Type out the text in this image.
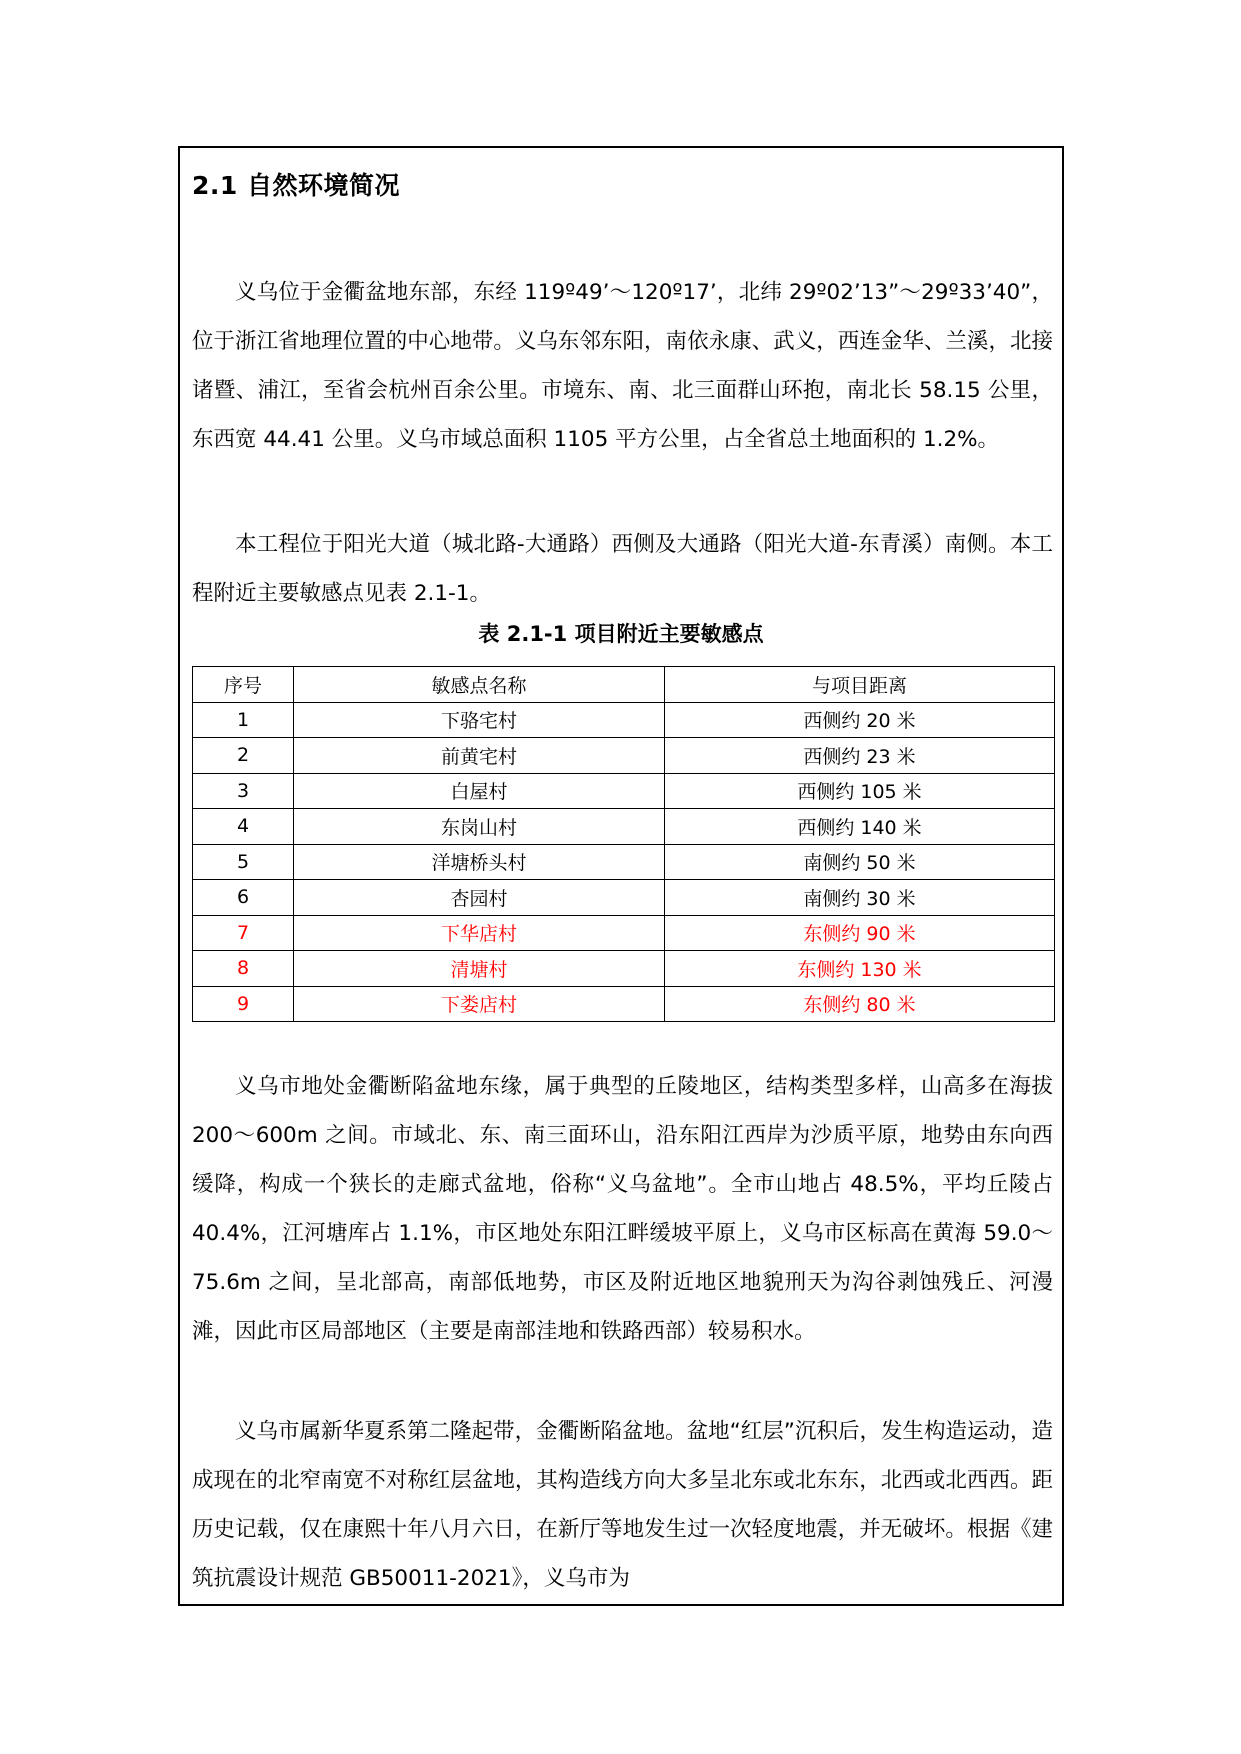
2.1 自然环境简况

义乌位于金衢盆地东部，东经 119º49’～120º17’，北纬 29º02’13”～29º33’40”，位于浙江省地理位置的中心地带。义乌东邻东阳，南依永康、武义，西连金华、兰溪，北接诸暨、浦江，至省会杭州百余公里。市境东、南、北三面群山环抱，南北长 58.15 公里，东西宽 44.41 公里。义乌市域总面积 1105 平方公里，占全省总土地面积的 1.2%。

本工程位于阳光大道（城北路-大通路）西侧及大通路（阳光大道-东青溪）南侧。本工程附近主要敏感点见表 2.1-1。

表 2.1-1 项目附近主要敏感点

序号	敏感点名称	与项目距离
1	下骆宅村	西侧约 20 米
2	前黄宅村	西侧约 23 米
3	白屋村	西侧约 105 米
4	东岗山村	西侧约 140 米
5	洋塘桥头村	南侧约 50 米
6	杏园村	南侧约 30 米
7	下华店村	东侧约 90 米
8	清塘村	东侧约 130 米
9	下娄店村	东侧约 80 米

义乌市地处金衢断陷盆地东缘，属于典型的丘陵地区，结构类型多样，山高多在海拔 200～600m 之间。市域北、东、南三面环山，沿东阳江西岸为沙质平原，地势由东向西缓降，构成一个狭长的走廊式盆地，俗称“义乌盆地”。全市山地占 48.5%，平均丘陵占 40.4%，江河塘库占 1.1%，市区地处东阳江畔缓坡平原上，义乌市区标高在黄海 59.0～75.6m 之间，呈北部高，南部低地势，市区及附近地区地貌刑天为沟谷剥蚀残丘、河漫滩，因此市区局部地区（主要是南部洼地和铁路西部）较易积水。

义乌市属新华夏系第二隆起带，金衢断陷盆地。盆地“红层”沉积后，发生构造运动，造成现在的北窄南宽不对称红层盆地，其构造线方向大多呈北东或北东东，北西或北西西。距历史记载，仅在康熙十年八月六日，在新厅等地发生过一次轻度地震，并无破坏。根据《建筑抗震设计规范 GB50011-2021》，义乌市为
